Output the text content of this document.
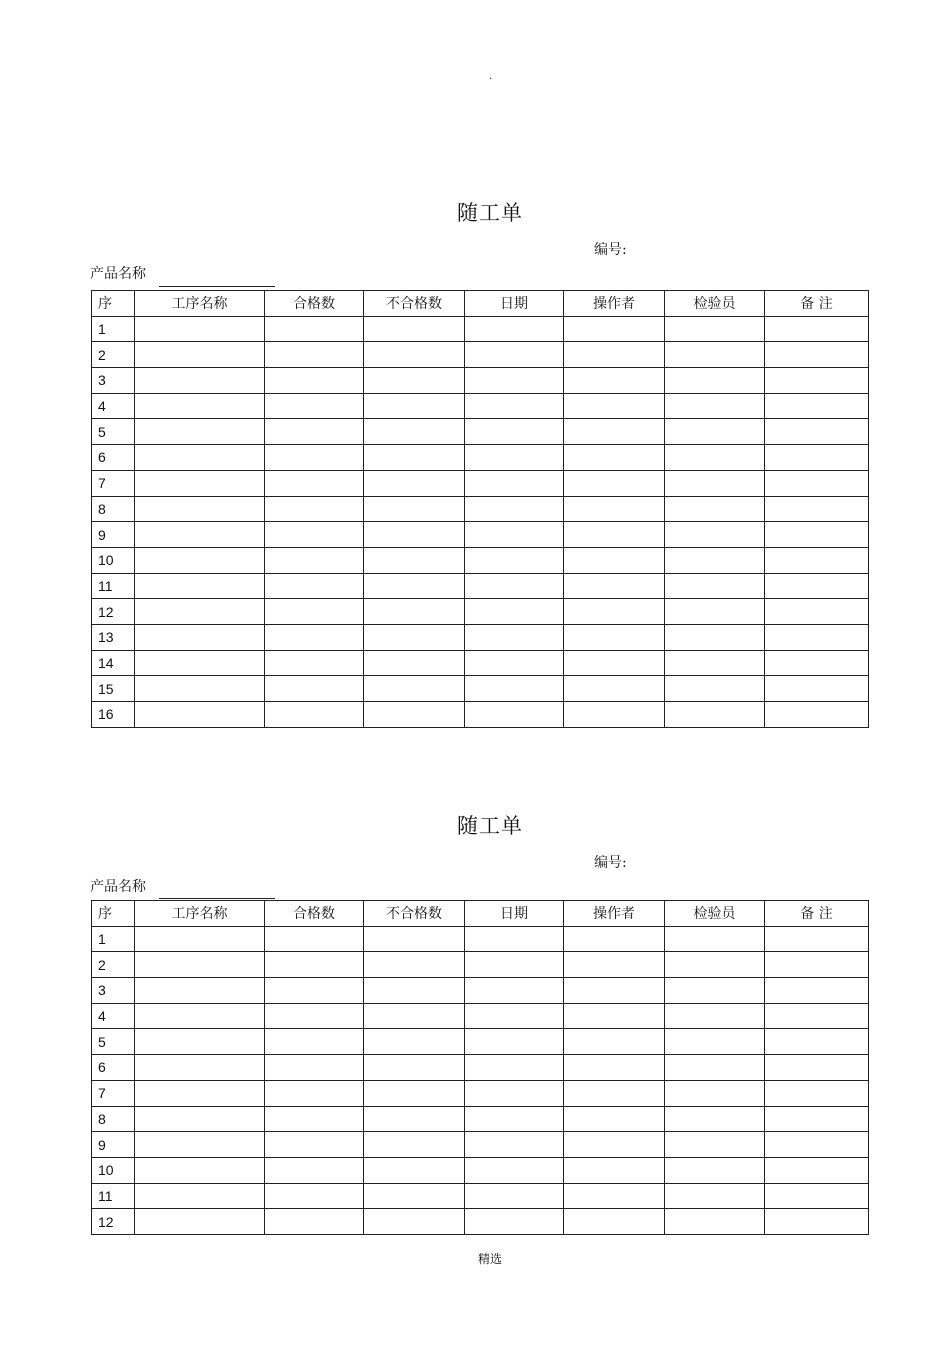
.
随工单
编号:
产品名称
序	工序名称	合格数	不合格数	日期	操作者	检验员	备 注
1							
2							
3							
4							
5							
6							
7							
8							
9							
10							
11							
12							
13							
14							
15							
16							
随工单
编号:
产品名称
序	工序名称	合格数	不合格数	日期	操作者	检验员	备 注
1							
2							
3							
4							
5							
6							
7							
8							
9							
10							
11							
12							
精选
